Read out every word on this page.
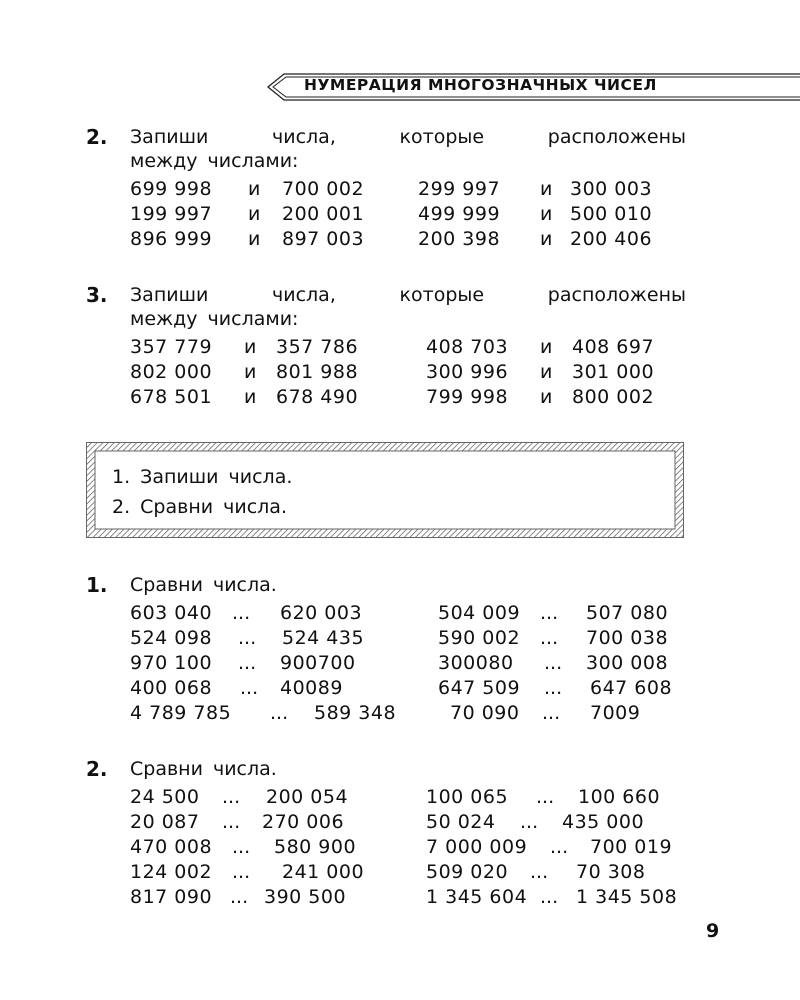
НУМЕРАЦИЯ МНОГОЗНАЧНЫХ ЧИСЕЛ
2. Запиши числа, которые расположены
между числами:
699 998 и 700 002	299 997 и 300 003
199 997 и 200 001	499 999 и 500 010
896 999 и 897 003	200 398 и 200 406
3. Запиши числа, которые расположены
между числами:
357 779 и 357 786	408 703 и 408 697
802 000 и 801 988	300 996 и 301 000
678 501 и 678 490	799 998 и 800 002
1. Запиши числа.
2. Сравни числа.
1. Сравни числа.
603 040 ... 620 003	504 009 ... 507 080
524 098 ... 524 435	590 002 ... 700 038
970 100 ... 900700	300080 ... 300 008
400 068 ... 40089	647 509 ... 647 608
4 789 785 ... 589 348	70 090 ... 7009
2. Сравни числа.
24 500 ... 200 054	100 065 ... 100 660
20 087 ... 270 006	50 024 ... 435 000
470 008 ... 580 900	7 000 009 ... 700 019
124 002 ... 241 000	509 020 ... 70 308
817 090 ... 390 500	1 345 604 ... 1 345 508
9
